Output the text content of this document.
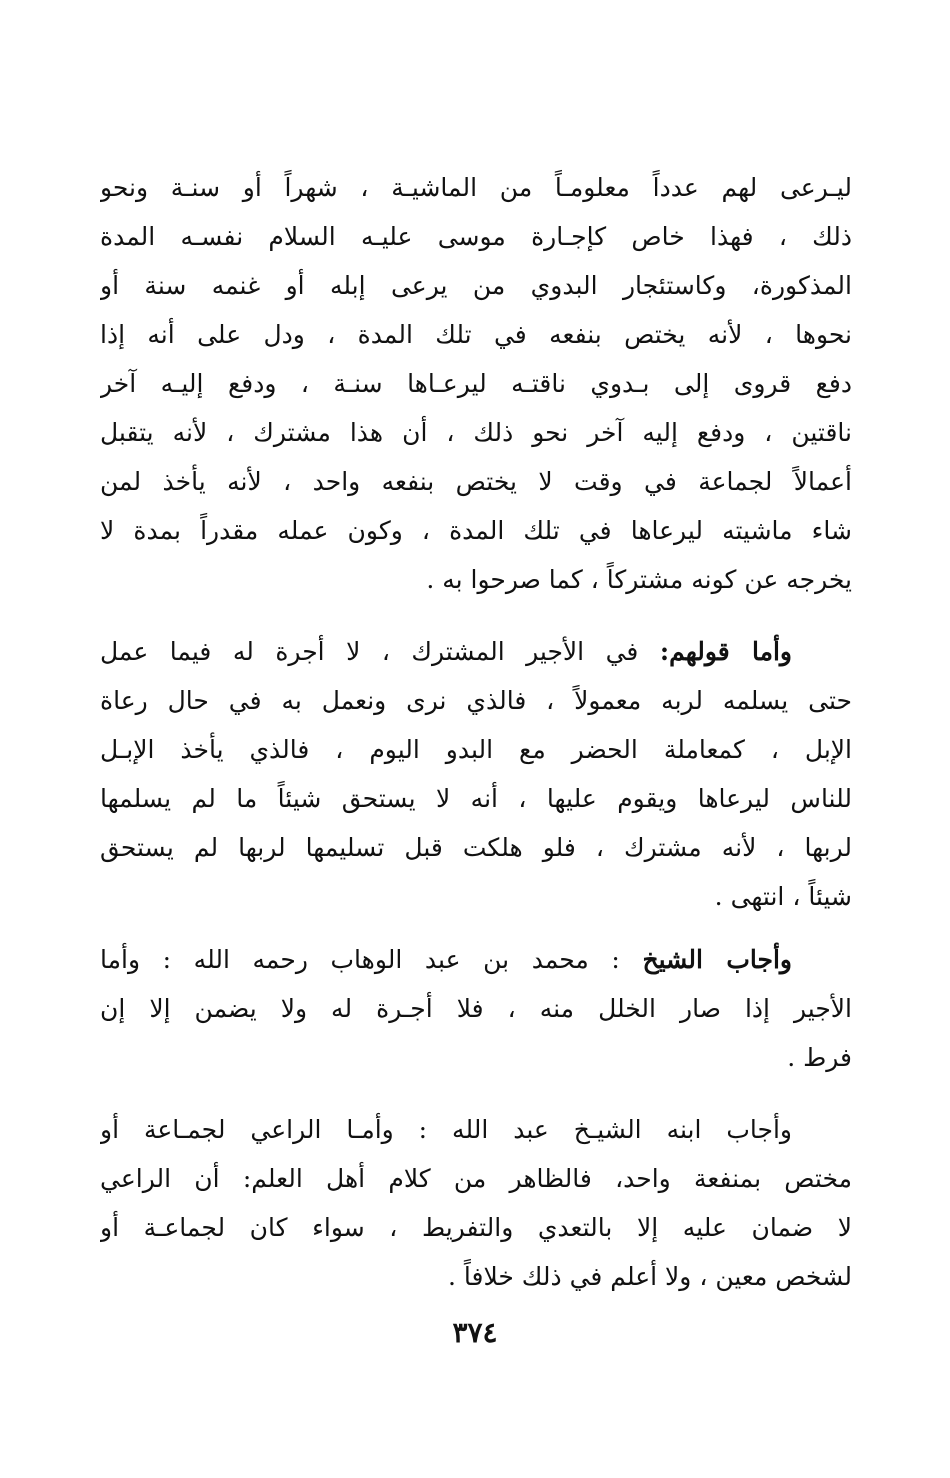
ليـرعى لهم عدداً معلومـاً من الماشيـة ، شهراً أو سنـة ونحو
ذلك ، فهذا خاص كإجـارة موسى عليـه السلام نفسـه المدة
المذكورة، وكاستئجار البدوي من يرعى إبله أو غنمه سنة أو
نحوها ، لأنه يختص بنفعه في تلك المدة ، ودل على أنه إذا
دفع قروى إلى بـدوي ناقتـه ليرعـاها سنـة ، ودفع إليـه آخر
ناقتين ، ودفع إليه آخر نحو ذلك ، أن هذا مشترك ، لأنه يتقبل
أعمالاً لجماعة في وقت لا يختص بنفعه واحد ، لأنه يأخذ لمن
شاء ماشيته ليرعاها في تلك المدة ، وكون عمله مقدراً بمدة لا
يخرجه عن كونه مشتركاً ، كما صرحوا به .
وأما قولهم: في الأجير المشترك ، لا أجرة له فيما عمل
حتى يسلمه لربه معمولاً ، فالذي نرى ونعمل به في حال رعاة
الإبل ، كمعاملة الحضر مع البدو اليوم ، فالذي يأخذ الإبـل
للناس ليرعاها ويقوم عليها ، أنه لا يستحق شيئاً ما لم يسلمها
لربها ، لأنه مشترك ، فلو هلكت قبل تسليمها لربها لم يستحق
شيئاً ، انتهى .
وأجاب الشيخ : محمد بن عبد الوهاب رحمه الله : وأما
الأجير إذا صار الخلل منه ، فلا أجـرة له ولا يضمن إلا إن
فرط .
وأجاب ابنه الشيـخ عبد الله : وأمـا الراعي لجمـاعة أو
مختص بمنفعة واحد، فالظاهر من كلام أهل العلم: أن الراعي
لا ضمان عليه إلا بالتعدي والتفريط ، سواء كان لجماعـة أو
لشخص معين ، ولا أعلم في ذلك خلافاً .
٣٧٤
